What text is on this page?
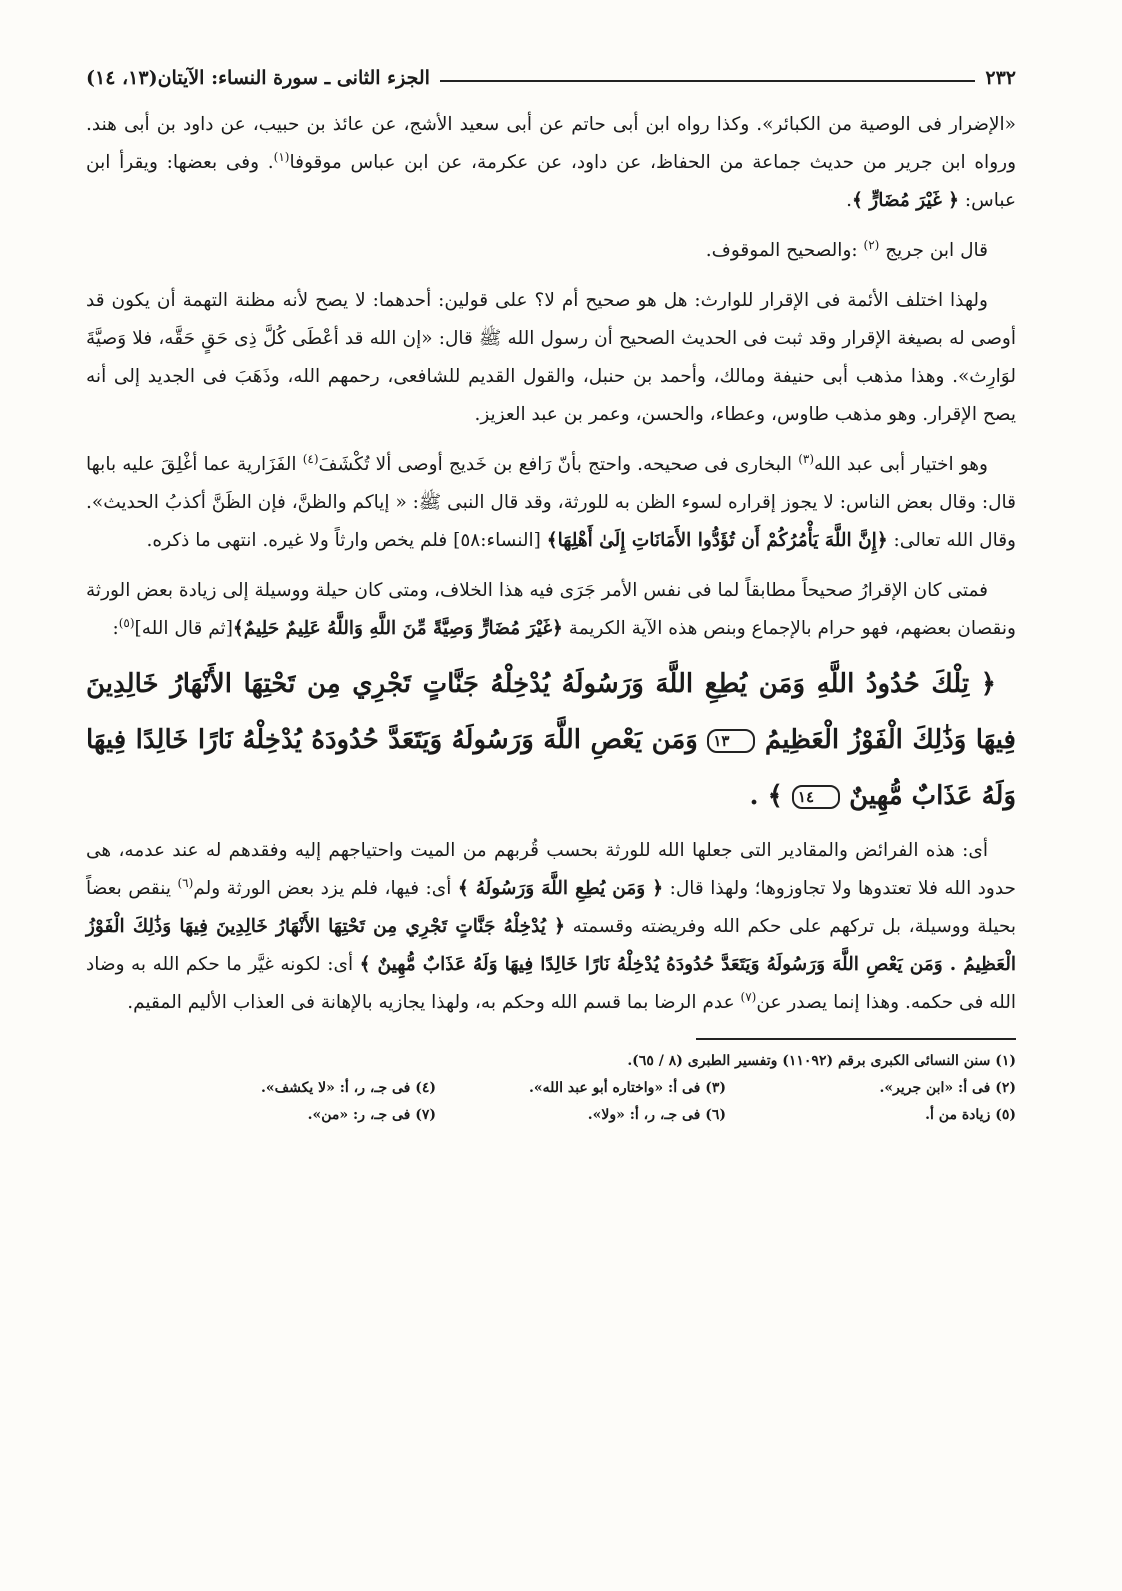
٢٣٢
الجزء الثانى ـ سورة النساء: الآيتان(١٣، ١٤)

«الإضرار فى الوصية من الكبائر». وكذا رواه ابن أبى حاتم عن أبى سعيد الأشج، عن عائذ بن حبيب، عن داود بن أبى هند. ورواه ابن جرير من حديث جماعة من الحفاظ، عن داود، عن عكرمة، عن ابن عباس موقوفا$^{(١)}$. وفى بعضها: ويقرأ ابن عباس: ﴿ غَيْرَ مُضَارٍّ ﴾.

قال ابن جريج $^{(٢)}$ :والصحيح الموقوف.

ولهذا اختلف الأئمة فى الإقرار للوارث: هل هو صحيح أم لا؟ على قولين: أحدهما: لا يصح لأنه مظنة التهمة أن يكون قد أوصى له بصيغة الإقرار وقد ثبت فى الحديث الصحيح أن رسول الله ﷺ قال: «إن الله قد أعْطَى كُلَّ ذِى حَقٍ حَقَّه، فلا وَصيَّةَ لوَارِث». وهذا مذهب أبى حنيفة ومالك، وأحمد بن حنبل، والقول القديم للشافعى، رحمهم الله، وذَهَبَ فى الجديد إلى أنه يصح الإقرار. وهو مذهب طاوس، وعطاء، والحسن، وعمر بن عبد العزيز.

وهو اختيار أبى عبد الله$^{(٣)}$ البخارى فى صحيحه. واحتج بأنّ رَافع بن خَديج أوصى ألا تُكْشَفَ$^{(٤)}$ الفَزَارية عما أغْلِقَ عليه بابها قال: وقال بعض الناس: لا يجوز إقراره لسوء الظن به للورثة، وقد قال النبى ﷺ: « إياكم والظنَّ، فإن الظَنَّ أكذبُ الحديث». وقال الله تعالى: ﴿إِنَّ اللَّهَ يَأْمُرُكُمْ أَن تُؤَدُّوا الأَمَانَاتِ إِلَىٰ أَهْلِهَا﴾ [النساء:٥٨] فلم يخص وارثاً ولا غيره. انتهى ما ذكره.

فمتى كان الإقرارُ صحيحاً مطابقاً لما فى نفس الأمر جَرَى فيه هذا الخلاف، ومتى كان حيلة ووسيلة إلى زيادة بعض الورثة ونقصان بعضهم، فهو حرام بالإجماع وبنص هذه الآية الكريمة ﴿غَيْرَ مُضَارٍّ وَصِيَّةً مِّنَ اللَّهِ وَاللَّهُ عَلِيمٌ حَلِيمٌ﴾[ثم قال الله]$^{(٥)}$:

﴿ تِلْكَ حُدُودُ اللَّهِ وَمَن يُطِعِ اللَّهَ وَرَسُولَهُ يُدْخِلْهُ جَنَّاتٍ تَجْرِي مِن تَحْتِهَا الأَنْهَارُ خَالِدِينَ فِيهَا وَذَٰلِكَ الْفَوْزُ الْعَظِيمُ ١٣ وَمَن يَعْصِ اللَّهَ وَرَسُولَهُ وَيَتَعَدَّ حُدُودَهُ يُدْخِلْهُ نَارًا خَالِدًا فِيهَا وَلَهُ عَذَابٌ مُّهِينٌ ١٤ ﴾ .

أى: هذه الفرائض والمقادير التى جعلها الله للورثة بحسب قُربهم من الميت واحتياجهم إليه وفقدهم له عند عدمه، هى حدود الله فلا تعتدوها ولا تجاوزوها؛ ولهذا قال: ﴿ وَمَن يُطِعِ اللَّهَ وَرَسُولَهُ ﴾ أى: فيها، فلم يزد بعض الورثة ولم$^{(٦)}$ ينقص بعضاً بحيلة ووسيلة، بل تركهم على حكم الله وفريضته وقسمته ﴿ يُدْخِلْهُ جَنَّاتٍ تَجْرِي مِن تَحْتِهَا الأَنْهَارُ خَالِدِينَ فِيهَا وَذَٰلِكَ الْفَوْزُ الْعَظِيمُ . وَمَن يَعْصِ اللَّهَ وَرَسُولَهُ وَيَتَعَدَّ حُدُودَهُ يُدْخِلْهُ نَارًا خَالِدًا فِيهَا وَلَهُ عَذَابٌ مُّهِينٌ ﴾ أى: لكونه غيَّر ما حكم الله به وضاد الله فى حكمه. وهذا إنما يصدر عن$^{(٧)}$ عدم الرضا بما قسم الله وحكم به، ولهذا يجازيه بالإهانة فى العذاب الأليم المقيم.

(١) سنن النسائى الكبرى برقم (١١٠٩٢) وتفسير الطبرى (٨ / ٦٥).
(٢) فى أ: «ابن جرير».
(٣) فى أ: «واختاره أبو عبد الله».
(٤) فى جـ، ر، أ: «لا يكشف».
(٥) زيادة من أ.
(٦) فى جـ، ر، أ: «ولا».
(٧) فى جـ، ر: «من».
